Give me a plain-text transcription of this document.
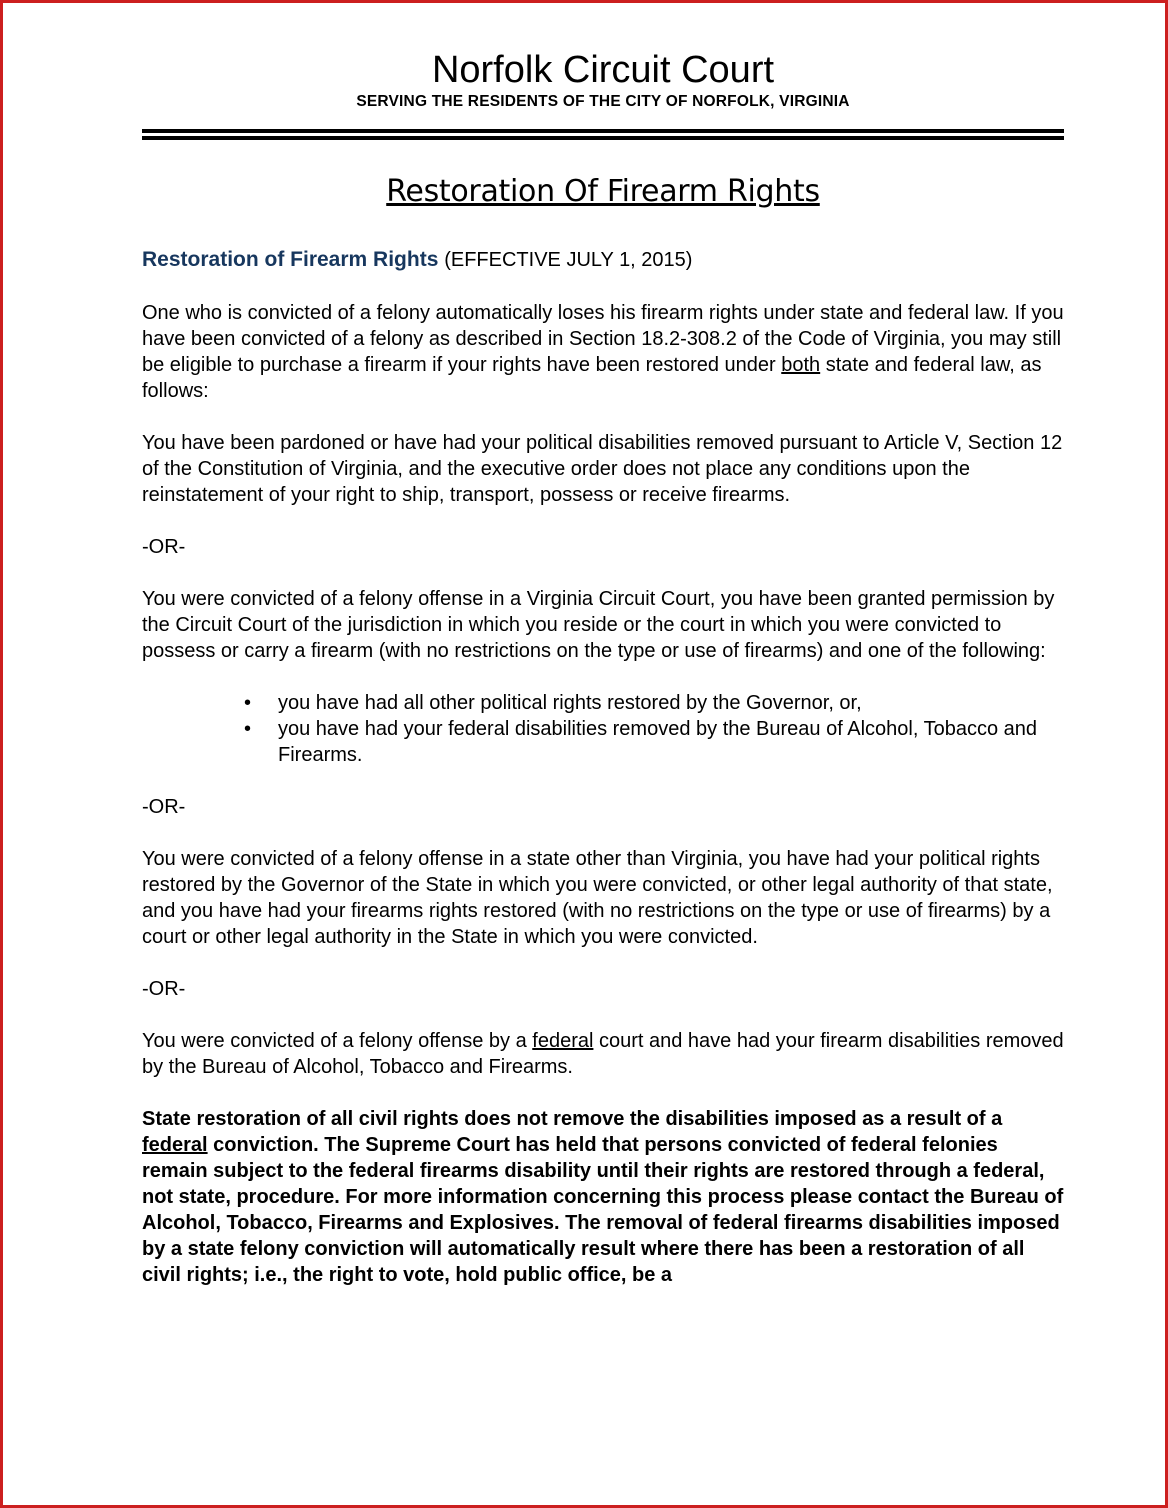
Norfolk Circuit Court
SERVING THE RESIDENTS OF THE CITY OF NORFOLK, VIRGINIA
Restoration Of Firearm Rights
Restoration of Firearm Rights (EFFECTIVE JULY 1, 2015)

One who is convicted of a felony automatically loses his firearm rights under state and federal law. If you have been convicted of a felony as described in Section 18.2-308.2 of the Code of Virginia, you may still be eligible to purchase a firearm if your rights have been restored under both state and federal law, as follows:

You have been pardoned or have had your political disabilities removed pursuant to Article V, Section 12 of the Constitution of Virginia, and the executive order does not place any conditions upon the reinstatement of your right to ship, transport, possess or receive firearms.

-OR-

You were convicted of a felony offense in a Virginia Circuit Court, you have been granted permission by the Circuit Court of the jurisdiction in which you reside or the court in which you were convicted to possess or carry a firearm (with no restrictions on the type or use of firearms) and one of the following:

• you have had all other political rights restored by the Governor, or,
• you have had your federal disabilities removed by the Bureau of Alcohol, Tobacco and Firearms.
-OR-

You were convicted of a felony offense in a state other than Virginia, you have had your political rights restored by the Governor of the State in which you were convicted, or other legal authority of that state, and you have had your firearms rights restored (with no restrictions on the type or use of firearms) by a court or other legal authority in the State in which you were convicted.

-OR-

You were convicted of a felony offense by a federal court and have had your firearm disabilities removed by the Bureau of Alcohol, Tobacco and Firearms.

State restoration of all civil rights does not remove the disabilities imposed as a result of a federal conviction. The Supreme Court has held that persons convicted of federal felonies remain subject to the federal firearms disability until their rights are restored through a federal, not state, procedure. For more information concerning this process please contact the Bureau of Alcohol, Tobacco, Firearms and Explosives. The removal of federal firearms disabilities imposed by a state felony conviction will automatically result where there has been a restoration of all civil rights; i.e., the right to vote, hold public office, be a
